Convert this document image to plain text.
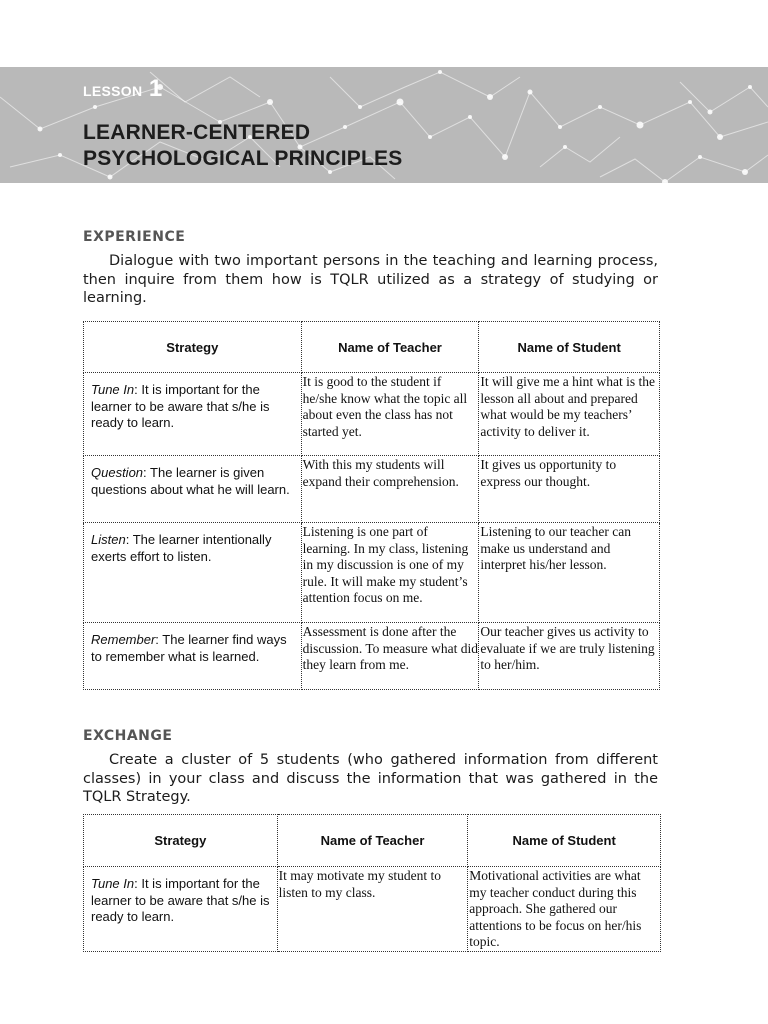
LESSON 1
LEARNER-CENTERED
PSYCHOLOGICAL PRINCIPLES
EXPERIENCE

Dialogue with two important persons in the teaching and learning process, then inquire from them how is TQLR utilized as a strategy of studying or learning.

Strategy	Name of Teacher	Name of Student
Tune In: It is important for the learner to be aware that s/he is ready to learn.	It is good to the student if he/she know what the topic all about even the class has not started yet.	It will give me a hint what is the lesson all about and prepared what would be my teachers’ activity to deliver it.
Question: The learner is given questions about what he will learn.	With this my students will expand their comprehension.	It gives us opportunity to express our thought.
Listen: The learner intentionally exerts effort to listen.	Listening is one part of learning. In my class, listening in my discussion is one of my rule. It will make my student’s attention focus on me.	Listening to our teacher can make us understand and interpret his/her lesson.
Remember: The learner find ways to remember what is learned.	Assessment is done after the discussion. To measure what did they learn from me.	Our teacher gives us activity to evaluate if we are truly listening to her/him.
EXCHANGE

Create a cluster of 5 students (who gathered information from different classes) in your class and discuss the information that was gathered in the TQLR Strategy.

Strategy	Name of Teacher	Name of Student
Tune In: It is important for the learner to be aware that s/he is ready to learn.	It may motivate my student to listen to my class.	Motivational activities are what my teacher conduct during this approach. She gathered our attentions to be focus on her/his topic.
